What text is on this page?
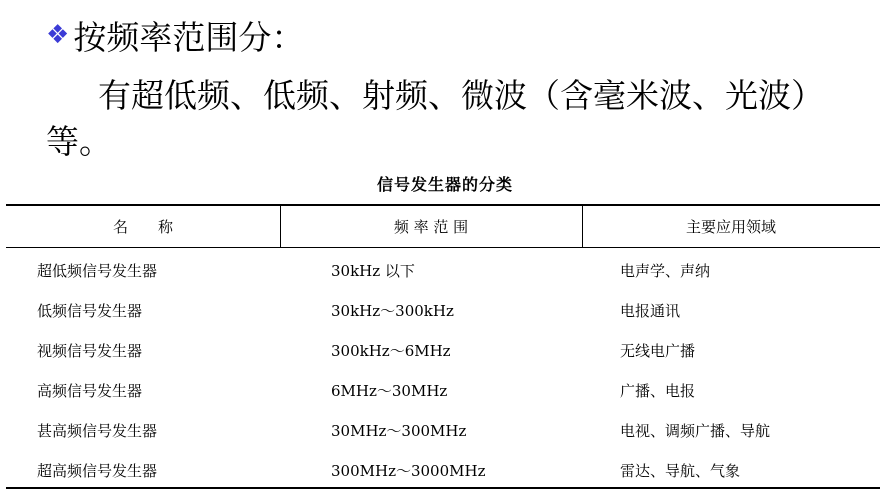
❖ 按频率范围分：
有超低频、低频、射频、微波（含毫米波、光波）
等。
信号发生器的分类
名　　称	频 率 范 围	主要应用领域
超低频信号发生器	30kHz 以下	电声学、声纳
低频信号发生器	30kHz～300kHz	电报通讯
视频信号发生器	300kHz～6MHz	无线电广播
高频信号发生器	6MHz～30MHz	广播、电报
甚高频信号发生器	30MHz～300MHz	电视、调频广播、导航
超高频信号发生器	300MHz～3000MHz	雷达、导航、气象
